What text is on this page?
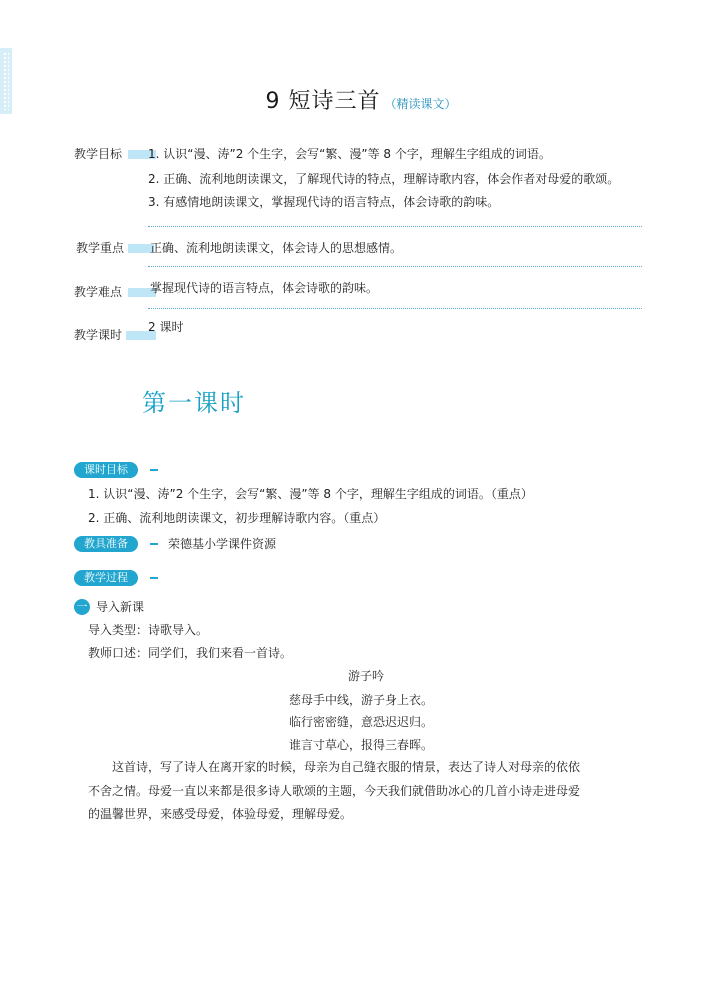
9 短诗三首 （精读课文）
教学目标 1. 认识“漫、涛”2 个生字，会写“繁、漫”等 8 个字，理解生字组成的词语。
2. 正确、流利地朗读课文，了解现代诗的特点，理解诗歌内容，体会作者对母爱的歌颂。
3. 有感情地朗读课文，掌握现代诗的语言特点，体会诗歌的韵味。
教学重点 正确、流利地朗读课文，体会诗人的思想感情。
教学难点 掌握现代诗的语言特点，体会诗歌的韵味。
教学课时
2 课时
第一课时
课时目标
1. 认识“漫、涛”2 个生字，会写“繁、漫”等 8 个字，理解生字组成的词语。（重点）
2. 正确、流利地朗读课文，初步理解诗歌内容。（重点）
教具准备	荣德基小学课件资源
教学过程
一 导入新课
导入类型：诗歌导入。
教师口述：同学们，我们来看一首诗。
游子吟
慈母手中线，游子身上衣。
临行密密缝，意恐迟迟归。
谁言寸草心，报得三春晖。
这首诗，写了诗人在离开家的时候，母亲为自己缝衣服的情景，表达了诗人对母亲的依依
不舍之情。母爱一直以来都是很多诗人歌颂的主题，今天我们就借助冰心的几首小诗走进母爱
的温馨世界，来感受母爱，体验母爱，理解母爱。
